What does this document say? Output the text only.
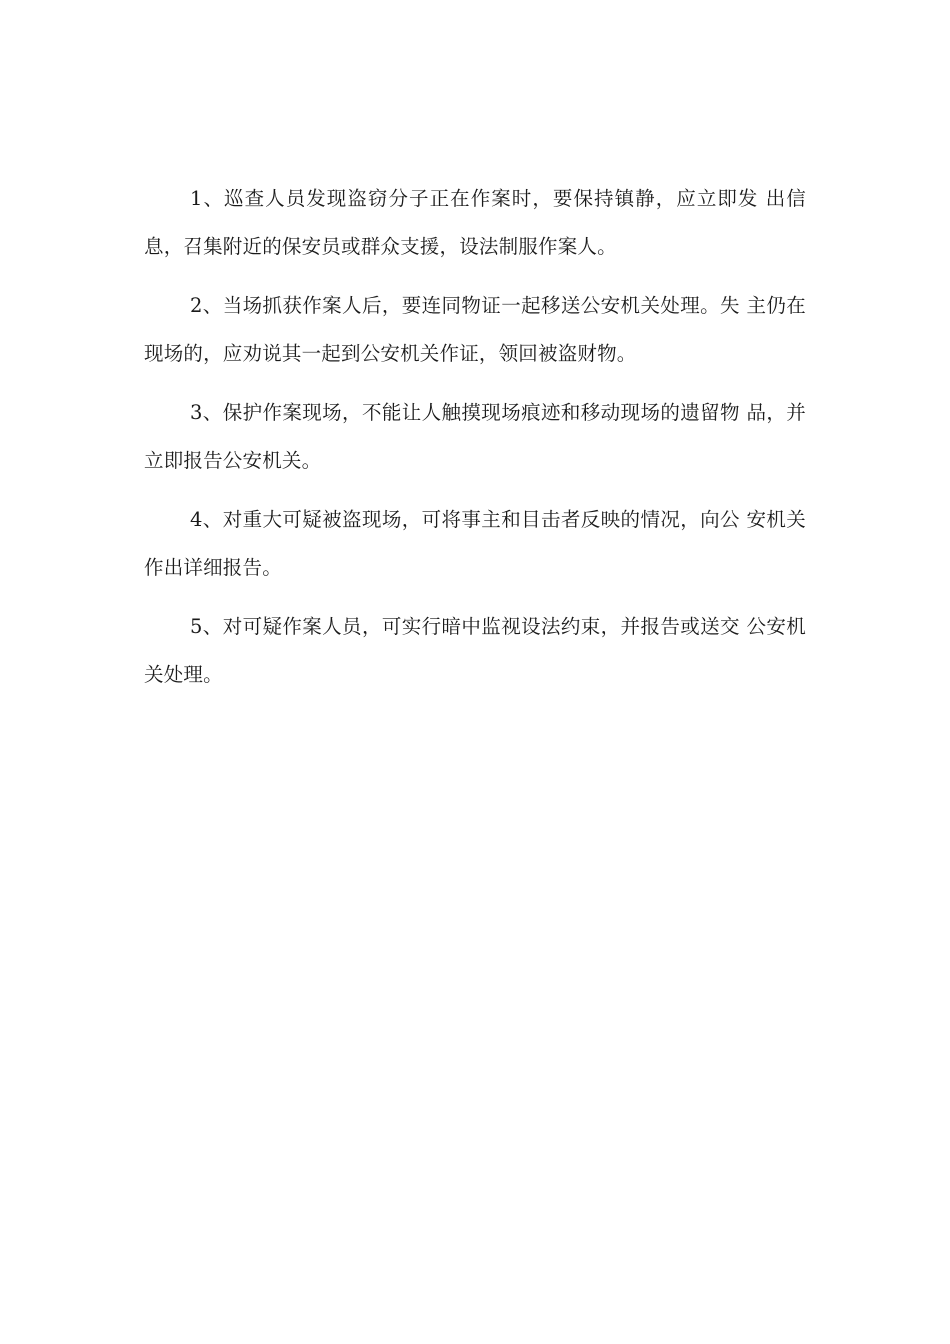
1、巡查人员发现盗窃分子正在作案时，要保持镇静，应立即发 出信息，召集附近的保安员或群众支援，设法制服作案人。

2、当场抓获作案人后，要连同物证一起移送公安机关处理。失 主仍在现场的，应劝说其一起到公安机关作证，领回被盗财物。

3、保护作案现场，不能让人触摸现场痕迹和移动现场的遗留物 品，并立即报告公安机关。

4、对重大可疑被盗现场，可将事主和目击者反映的情况，向公 安机关作出详细报告。

5、对可疑作案人员，可实行暗中监视设法约束，并报告或送交 公安机关处理。
